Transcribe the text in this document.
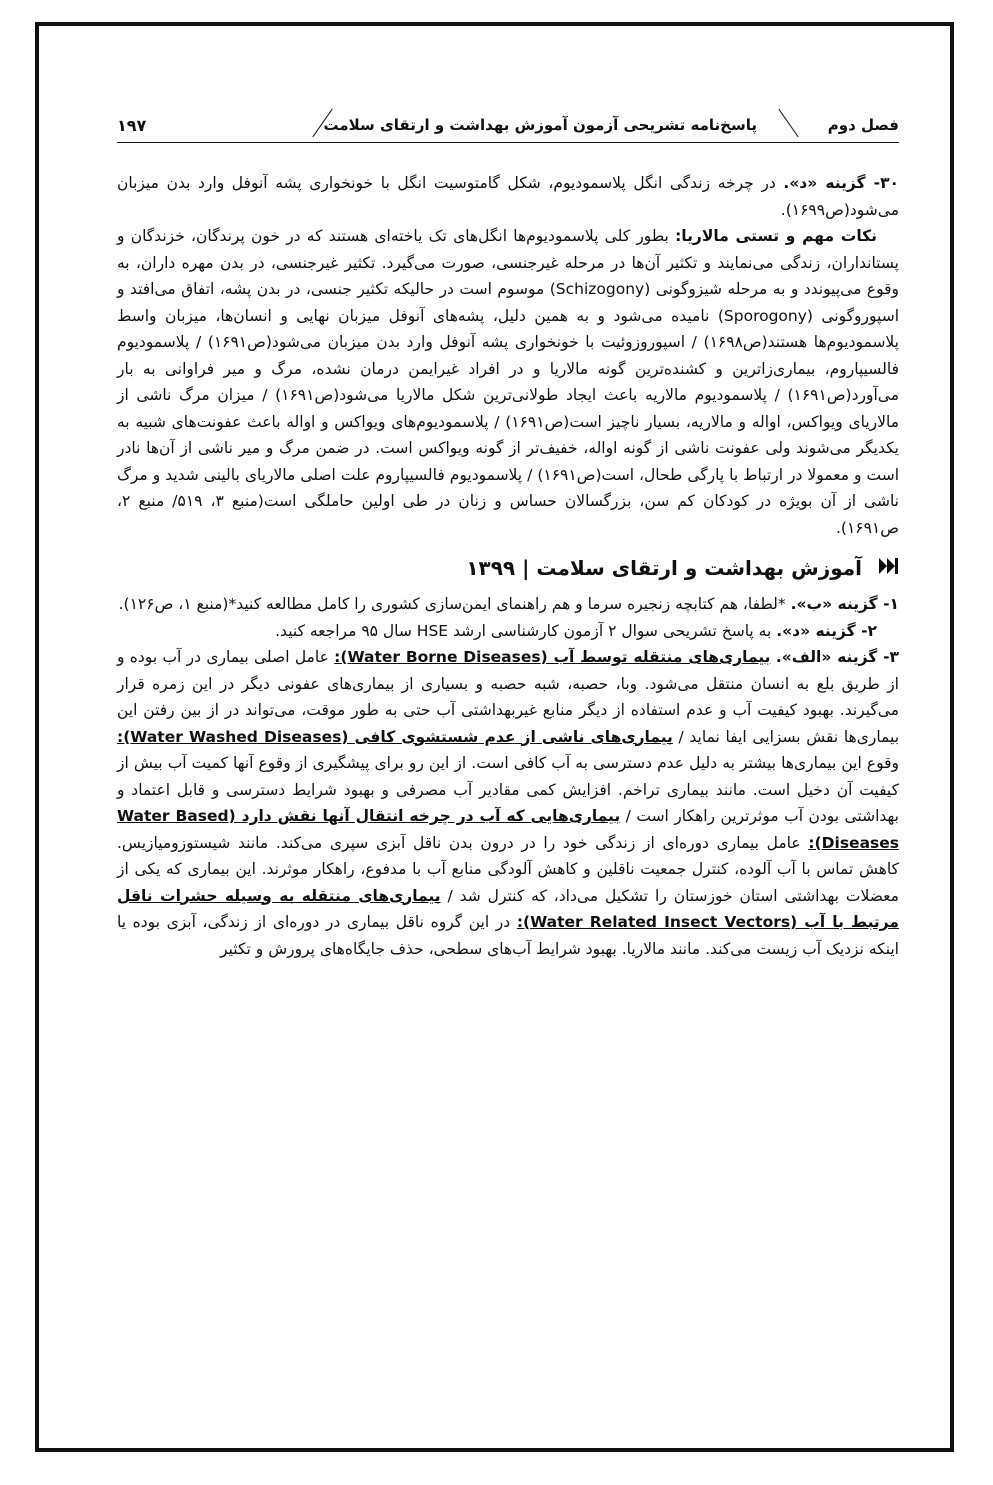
فصل دوم
پاسخ‌نامه تشریحی آزمون آموزش بهداشت و ارتقای سلامت
۱۹۷

۳۰- گزینه «د». در چرخه زندگی انگل پلاسمودیوم، شکل گامتوسیت انگل با خونخواری پشه آنوفل وارد بدن میزبان می‌شود(ص۱۶۹۹).

نکات مهم و تستی مالاریا: بطور کلی پلاسمودیوم‌ها انگل‌های تک یاخته‌ای هستند که در خون پرندگان، خزندگان و پستانداران، زندگی می‌نمایند و تکثیر آن‌ها در مرحله غیرجنسی، صورت می‌گیرد. تکثیر غیرجنسی، در بدن مهره داران، به وقوع می‌پیوندد و به مرحله شیزوگونی (Schizogony) موسوم است در حالیکه تکثیر جنسی، در بدن پشه، اتفاق می‌افتد و اسپوروگونی (Sporogony) نامیده می‌شود و به همین دلیل، پشه‌های آنوفل میزبان نهایی و انسان‌ها، میزبان واسط پلاسمودیوم‌ها هستند(ص۱۶۹۸) / اسپوروزوئیت با خونخواری پشه آنوفل وارد بدن میزبان می‌شود(ص۱۶۹۱) / پلاسمودیوم فالسیپاروم، بیماری‌زاترین و کشنده‌ترین گونه مالاریا و در افراد غیرایمن درمان نشده، مرگ و میر فراوانی به بار می‌آورد(ص۱۶۹۱) / پلاسمودیوم مالاریه باعث ایجاد طولانی‌ترین شکل مالاریا می‌شود(ص۱۶۹۱) / میزان مرگ ناشی از مالاریای ویواکس، اواله و مالاریه، بسیار ناچیز است(ص۱۶۹۱) / پلاسمودیوم‌های ویواکس و اواله باعث عفونت‌های شبیه به یکدیگر می‌شوند ولی عفونت ناشی از گونه اواله، خفیف‌تر از گونه ویواکس است. در ضمن مرگ و میر ناشی از آن‌ها نادر است و معمولا در ارتباط با پارگی طحال، است(ص۱۶۹۱) / پلاسمودیوم فالسیپاروم علت اصلی مالاریای بالینی شدید و مرگ ناشی از آن بویژه در کودکان کم سن، بزرگسالان حساس و زنان در طی اولین حاملگی است(منبع ۳، ۵۱۹/ منبع ۲، ص۱۶۹۱).

آموزش بهداشت و ارتقای سلامت | ۱۳۹۹

۱- گزینه «ب». *لطفا، هم کتابچه زنجیره سرما و هم راهنمای ایمن‌سازی کشوری را کامل مطالعه کنید*(منبع ۱، ص۱۲۶).

۲- گزینه «د». به پاسخ تشریحی سوال ۲ آزمون کارشناسی ارشد HSE سال ۹۵ مراجعه کنید.

۳- گزینه «الف». بیماری‌های منتقله توسط آب (Water Borne Diseases): عامل اصلی بیماری در آب بوده و از طریق بلع به انسان منتقل می‌شود. وبا، حصبه، شبه حصبه و بسیاری از بیماری‌های عفونی دیگر در این زمره قرار می‌گیرند. بهبود کیفیت آب و عدم استفاده از دیگر منابع غیربهداشتی آب حتی به طور موقت، می‌تواند در از بین رفتن این بیماری‌ها نقش بسزایی ایفا نماید / بیماری‌های ناشی از عدم شستشوی کافی (Water Washed Diseases): وقوع این بیماری‌ها بیشتر به دلیل عدم دسترسی به آب کافی است. از این رو برای پیشگیری از وقوع آنها کمیت آب بیش از کیفیت آن دخیل است. مانند بیماری تراخم. افزایش کمی مقادیر آب مصرفی و بهبود شرایط دسترسی و قابل اعتماد و بهداشتی بودن آب موثرترین راهکار است / بیماری‌هایی که آب در چرخه انتقال آنها نقش دارد (Water Based Diseases): عامل بیماری دوره‌ای از زندگی خود را در درون بدن ناقل آبزی سپری می‌کند. مانند شیستوزومیازیس. کاهش تماس با آب آلوده، کنترل جمعیت ناقلین و کاهش آلودگی منابع آب با مدفوع، راهکار موثرند. این بیماری که یکی از معضلات بهداشتی استان خوزستان را تشکیل می‌داد، که کنترل شد / بیماری‌های منتقله به وسیله حشرات ناقل مرتبط با آب (Water Related Insect Vectors): در این گروه ناقل بیماری در دوره‌ای از زندگی، آبزی بوده یا اینکه نزدیک آب زیست می‌کند. مانند مالاریا. بهبود شرایط آب‌های سطحی، حذف جایگاه‌های پرورش و تکثیر
